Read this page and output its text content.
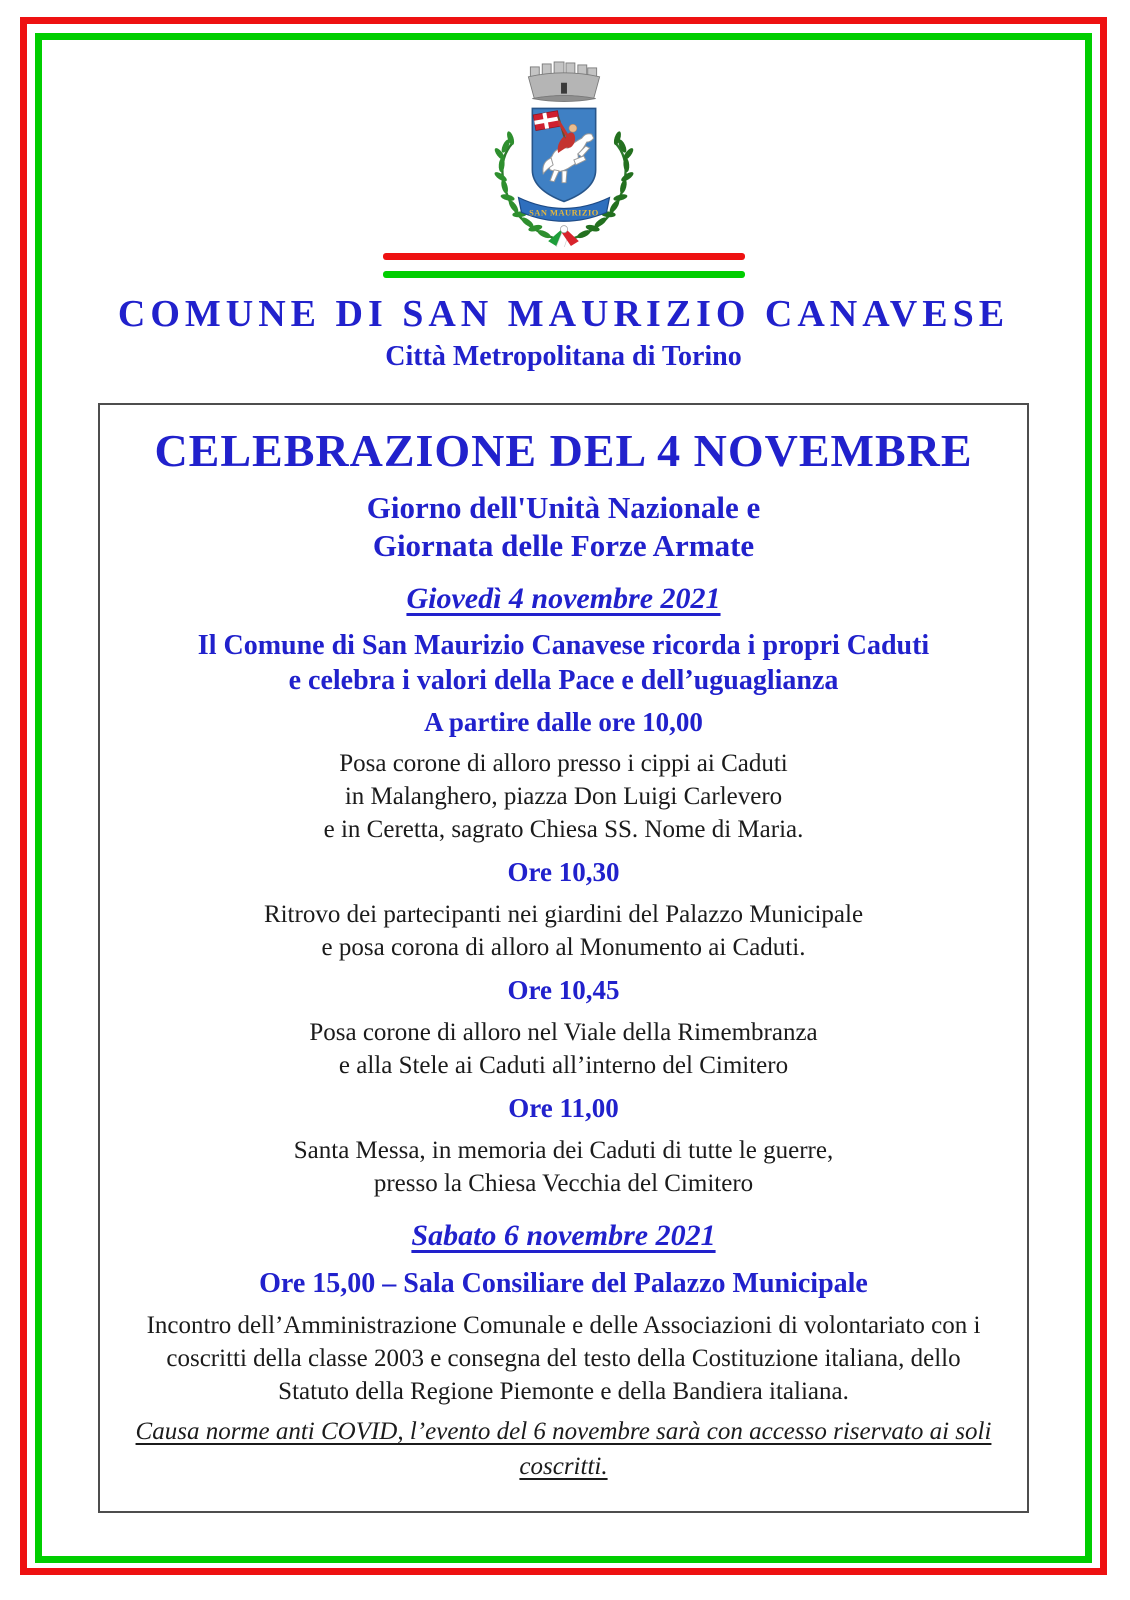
SAN MAURIZIO
COMUNE DI SAN MAURIZIO CANAVESE
Città Metropolitana di Torino
CELEBRAZIONE DEL 4 NOVEMBRE
Giorno dell'Unità Nazionale e
Giornata delle Forze Armate
Giovedì 4 novembre 2021
Il Comune di San Maurizio Canavese ricorda i propri Caduti
e celebra i valori della Pace e dell’uguaglianza
A partire dalle ore 10,00
Posa corone di alloro presso i cippi ai Caduti
in Malanghero, piazza Don Luigi Carlevero
e in Ceretta, sagrato Chiesa SS. Nome di Maria.
Ore 10,30
Ritrovo dei partecipanti nei giardini del Palazzo Municipale
e posa corona di alloro al Monumento ai Caduti.
Ore 10,45
Posa corone di alloro nel Viale della Rimembranza
e alla Stele ai Caduti all’interno del Cimitero
Ore 11,00
Santa Messa, in memoria dei Caduti di tutte le guerre,
presso la Chiesa Vecchia del Cimitero
Sabato 6 novembre 2021
Ore 15,00 – Sala Consiliare del Palazzo Municipale
Incontro dell’Amministrazione Comunale e delle Associazioni di volontariato con i
coscritti della classe 2003 e consegna del testo della Costituzione italiana, dello
Statuto della Regione Piemonte e della Bandiera italiana.
Causa norme anti COVID, l’evento del 6 novembre sarà con accesso riservato ai soli
coscritti.
